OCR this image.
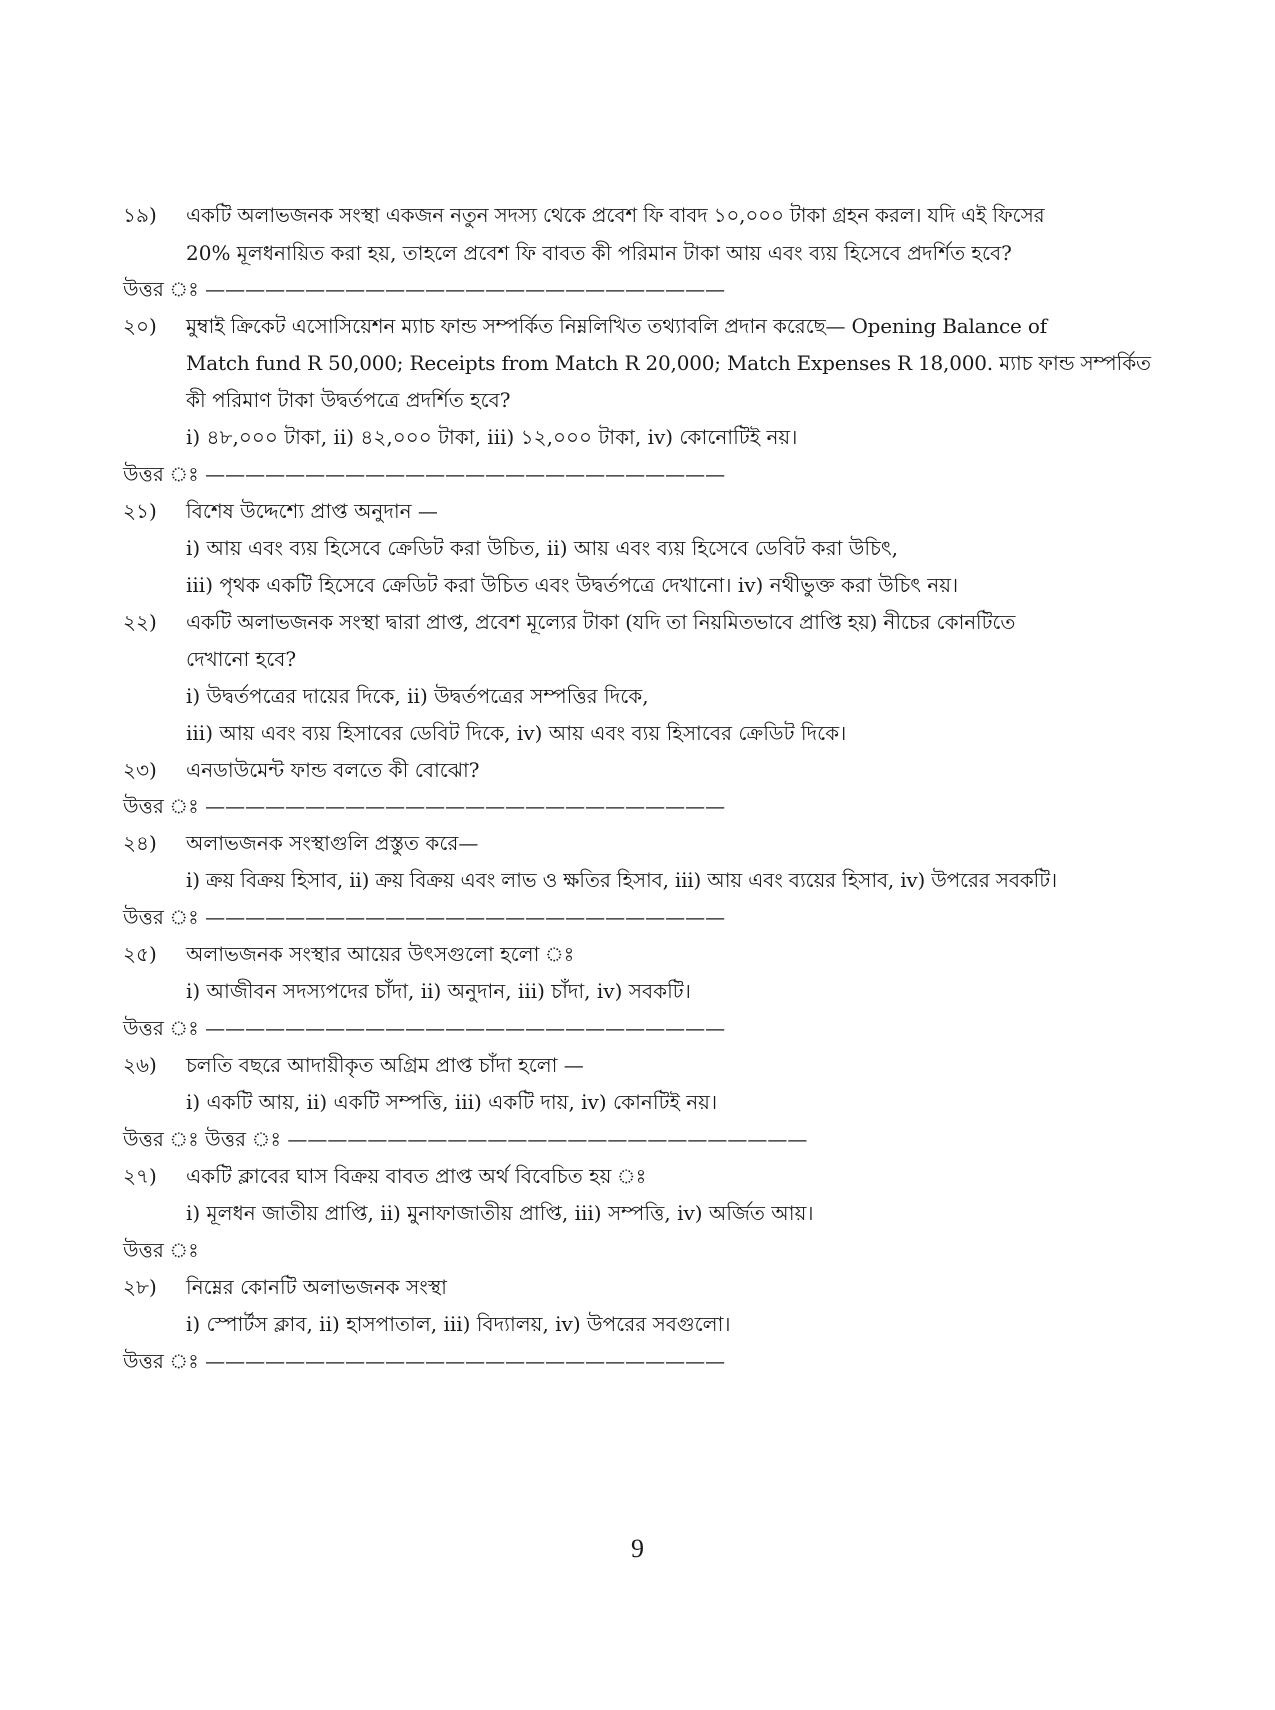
১৯) একটি অলাভজনক সংস্থা একজন নতুন সদস্য থেকে প্রবেশ ফি বাবদ ১০,০০০ টাকা গ্রহন করল। যদি এই ফিসের
20% মূলধনায়িত করা হয়, তাহলে প্রবেশ ফি বাবত কী পরিমান টাকা আয় এবং ব্যয় হিসেবে প্রদর্শিত হবে?
উত্তর ঃ ——————————————————————————
২০) মুম্বাই ক্রিকেট এসোসিয়েশন ম্যাচ ফান্ড সম্পর্কিত নিম্নলিখিত তথ্যাবলি প্রদান করেছে— Opening Balance of
Match fund R 50,000; Receipts from Match R 20,000; Match Expenses R 18,000. ম্যাচ ফান্ড সম্পর্কিত
কী পরিমাণ টাকা উদ্বর্তপত্রে প্রদর্শিত হবে?
i) ৪৮,০০০ টাকা, ii) ৪২,০০০ টাকা, iii) ১২,০০০ টাকা, iv) কোনোটিই নয়।
উত্তর ঃ ——————————————————————————
২১) বিশেষ উদ্দেশ্যে প্রাপ্ত অনুদান —
i) আয় এবং ব্যয় হিসেবে ক্রেডিট করা উচিত, ii) আয় এবং ব্যয় হিসেবে ডেবিট করা উচিৎ,
iii) পৃথক একটি হিসেবে ক্রেডিট করা উচিত এবং উদ্বর্তপত্রে দেখানো। iv) নথীভুক্ত করা উচিৎ নয়।
২২) একটি অলাভজনক সংস্থা দ্বারা প্রাপ্ত, প্রবেশ মূল্যের টাকা (যদি তা নিয়মিতভাবে প্রাপ্তি হয়) নীচের কোনটিতে
দেখানো হবে?
i) উদ্বর্তপত্রের দায়ের দিকে, ii) উদ্বর্তপত্রের সম্পত্তির দিকে,
iii) আয় এবং ব্যয় হিসাবের ডেবিট দিকে, iv) আয় এবং ব্যয় হিসাবের ক্রেডিট দিকে।
২৩) এনডাউমেন্ট ফান্ড বলতে কী বোঝো?
উত্তর ঃ ——————————————————————————
২৪) অলাভজনক সংস্থাগুলি প্রস্তুত করে—
i) ক্রয় বিক্রয় হিসাব, ii) ক্রয় বিক্রয় এবং লাভ ও ক্ষতির হিসাব, iii) আয় এবং ব্যয়ের হিসাব, iv) উপরের সবকটি।
উত্তর ঃ ——————————————————————————
২৫) অলাভজনক সংস্থার আয়ের উৎসগুলো হলো ঃ
i) আজীবন সদস্যপদের চাঁদা, ii) অনুদান, iii) চাঁদা, iv) সবকটি।
উত্তর ঃ ——————————————————————————
২৬) চলতি বছরে আদায়ীকৃত অগ্রিম প্রাপ্ত চাঁদা হলো —
i) একটি আয়, ii) একটি সম্পত্তি, iii) একটি দায়, iv) কোনটিই নয়।
উত্তর ঃ উত্তর ঃ ——————————————————————————
২৭) একটি ক্লাবের ঘাস বিক্রয় বাবত প্রাপ্ত অর্থ বিবেচিত হয় ঃ
i) মূলধন জাতীয় প্রাপ্তি, ii) মুনাফাজাতীয় প্রাপ্তি, iii) সম্পত্তি, iv) অর্জিত আয়।
উত্তর ঃ
২৮) নিম্নের কোনটি অলাভজনক সংস্থা
i) স্পোর্টস ক্লাব, ii) হাসপাতাল, iii) বিদ্যালয়, iv) উপরের সবগুলো।
উত্তর ঃ ——————————————————————————
9
